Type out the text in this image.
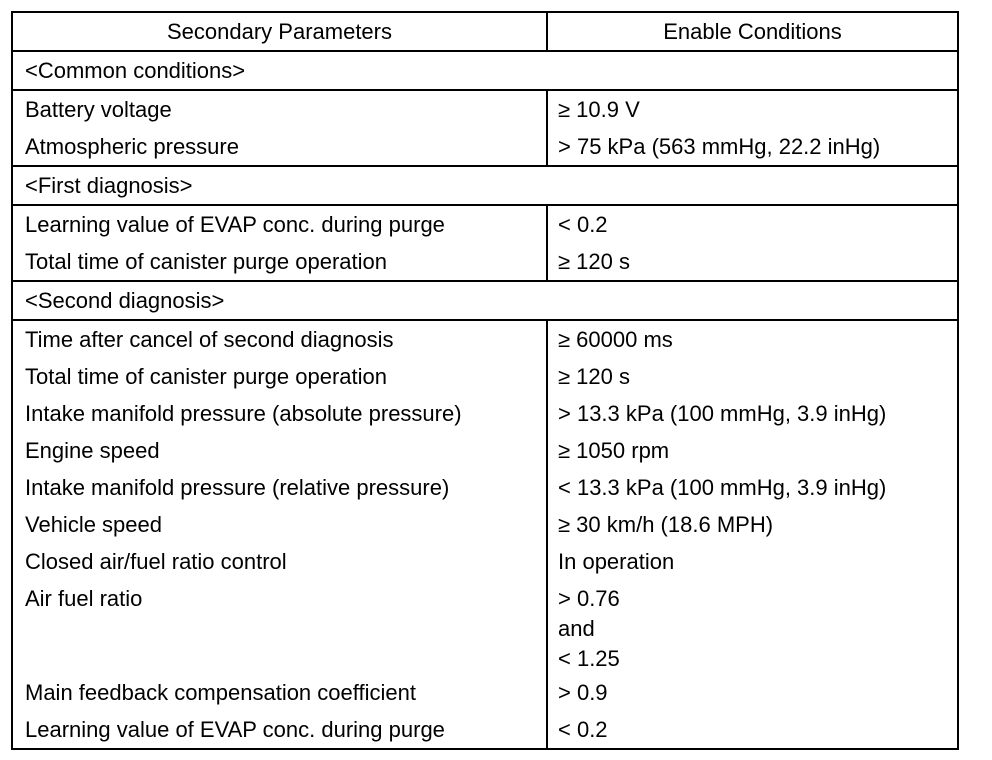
Secondary Parameters	Enable Conditions
<Common conditions>	
Battery voltage	≥ 10.9 V
Atmospheric pressure	> 75 kPa (563 mmHg, 22.2 inHg)
<First diagnosis>	
Learning value of EVAP conc. during purge	< 0.2
Total time of canister purge operation	≥ 120 s
<Second diagnosis>	
Time after cancel of second diagnosis	≥ 60000 ms
Total time of canister purge operation	≥ 120 s
Intake manifold pressure (absolute pressure)	> 13.3 kPa (100 mmHg, 3.9 inHg)
Engine speed	≥ 1050 rpm
Intake manifold pressure (relative pressure)	< 13.3 kPa (100 mmHg, 3.9 inHg)
Vehicle speed	≥ 30 km/h (18.6 MPH)
Closed air/fuel ratio control	In operation
Air fuel ratio	> 0.76
and
< 1.25

Main feedback compensation coefficient	> 0.9
Learning value of EVAP conc. during purge	< 0.2
